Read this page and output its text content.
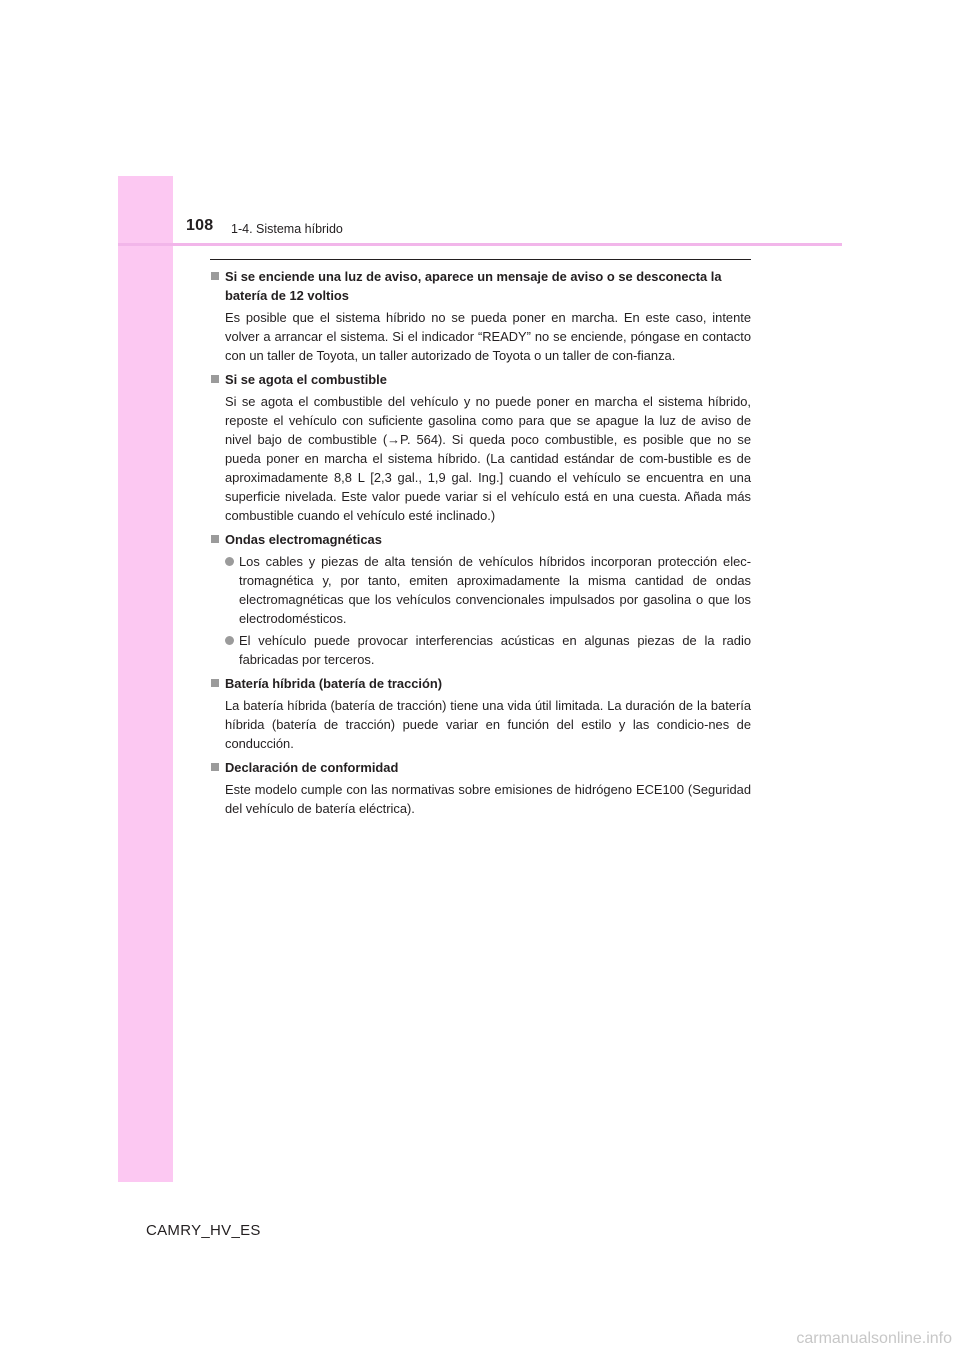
108 1-4. Sistema híbrido
Si se enciende una luz de aviso, aparece un mensaje de aviso o se desconecta la batería de 12 voltios
Es posible que el sistema híbrido no se pueda poner en marcha. En este caso, intente volver a arrancar el sistema. Si el indicador “READY” no se enciende, póngase en contacto con un taller de Toyota, un taller autorizado de Toyota o un taller de con-fianza.
Si se agota el combustible
Si se agota el combustible del vehículo y no puede poner en marcha el sistema híbrido, reposte el vehículo con suficiente gasolina como para que se apague la luz de aviso de nivel bajo de combustible (→P. 564). Si queda poco combustible, es posible que no se pueda poner en marcha el sistema híbrido. (La cantidad estándar de com-bustible es de aproximadamente 8,8 L [2,3 gal., 1,9 gal. Ing.] cuando el vehículo se encuentra en una superficie nivelada. Este valor puede variar si el vehículo está en una cuesta. Añada más combustible cuando el vehículo esté inclinado.)
Ondas electromagnéticas
Los cables y piezas de alta tensión de vehículos híbridos incorporan protección elec-tromagnética y, por tanto, emiten aproximadamente la misma cantidad de ondas electromagnéticas que los vehículos convencionales impulsados por gasolina o que los electrodomésticos.
El vehículo puede provocar interferencias acústicas en algunas piezas de la radio fabricadas por terceros.
Batería híbrida (batería de tracción)
La batería híbrida (batería de tracción) tiene una vida útil limitada. La duración de la batería híbrida (batería de tracción) puede variar en función del estilo y las condicio-nes de conducción.
Declaración de conformidad
Este modelo cumple con las normativas sobre emisiones de hidrógeno ECE100 (Seguridad del vehículo de batería eléctrica).
CAMRY_HV_ES
carmanualsonline.info
